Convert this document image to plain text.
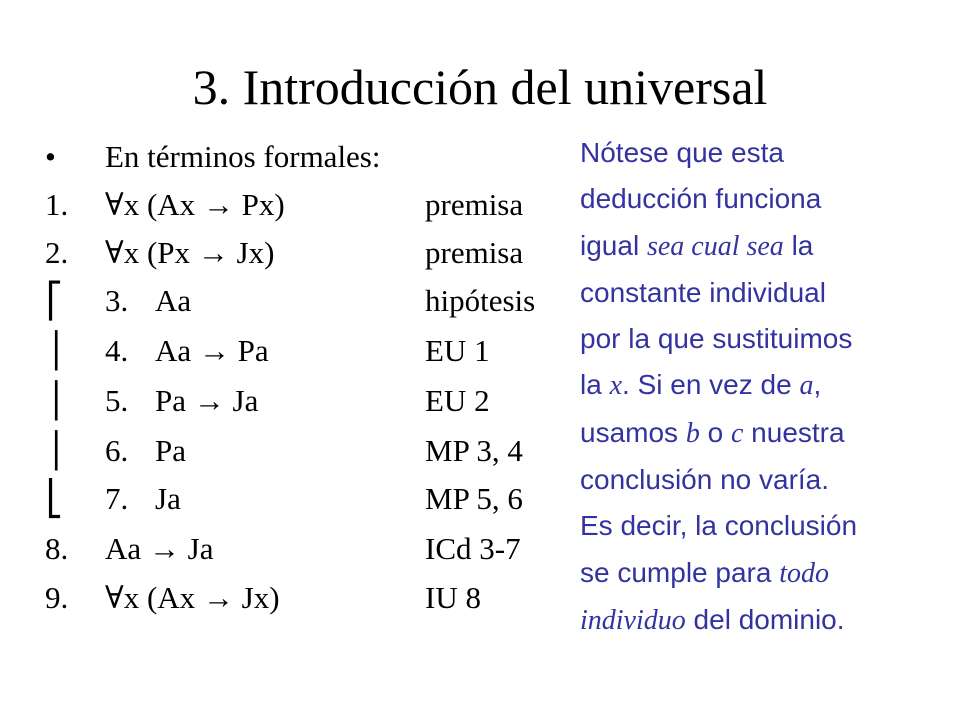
3. Introducción del universal
• En términos formales:
1. ∀x (Ax → Px)	premisa
2. ∀x (Px → Jx)	premisa
⎡ 3. Aa	hipótesis
│ 4. Aa → Pa	EU 1
│ 5. Pa → Ja	EU 2
│ 6. Pa	MP 3, 4
⎣ 7. Ja	MP 5, 6
8. Aa → Ja	ICd 3-7
9. ∀x (Ax → Jx)	IU 8

Nótese que esta

deducción funciona

igual sea cual sea la

constante individual

por la que sustituimos

la x. Si en vez de a,

usamos b o c nuestra

conclusión no varía.

Es decir, la conclusión

se cumple para todo

individuo del dominio.
